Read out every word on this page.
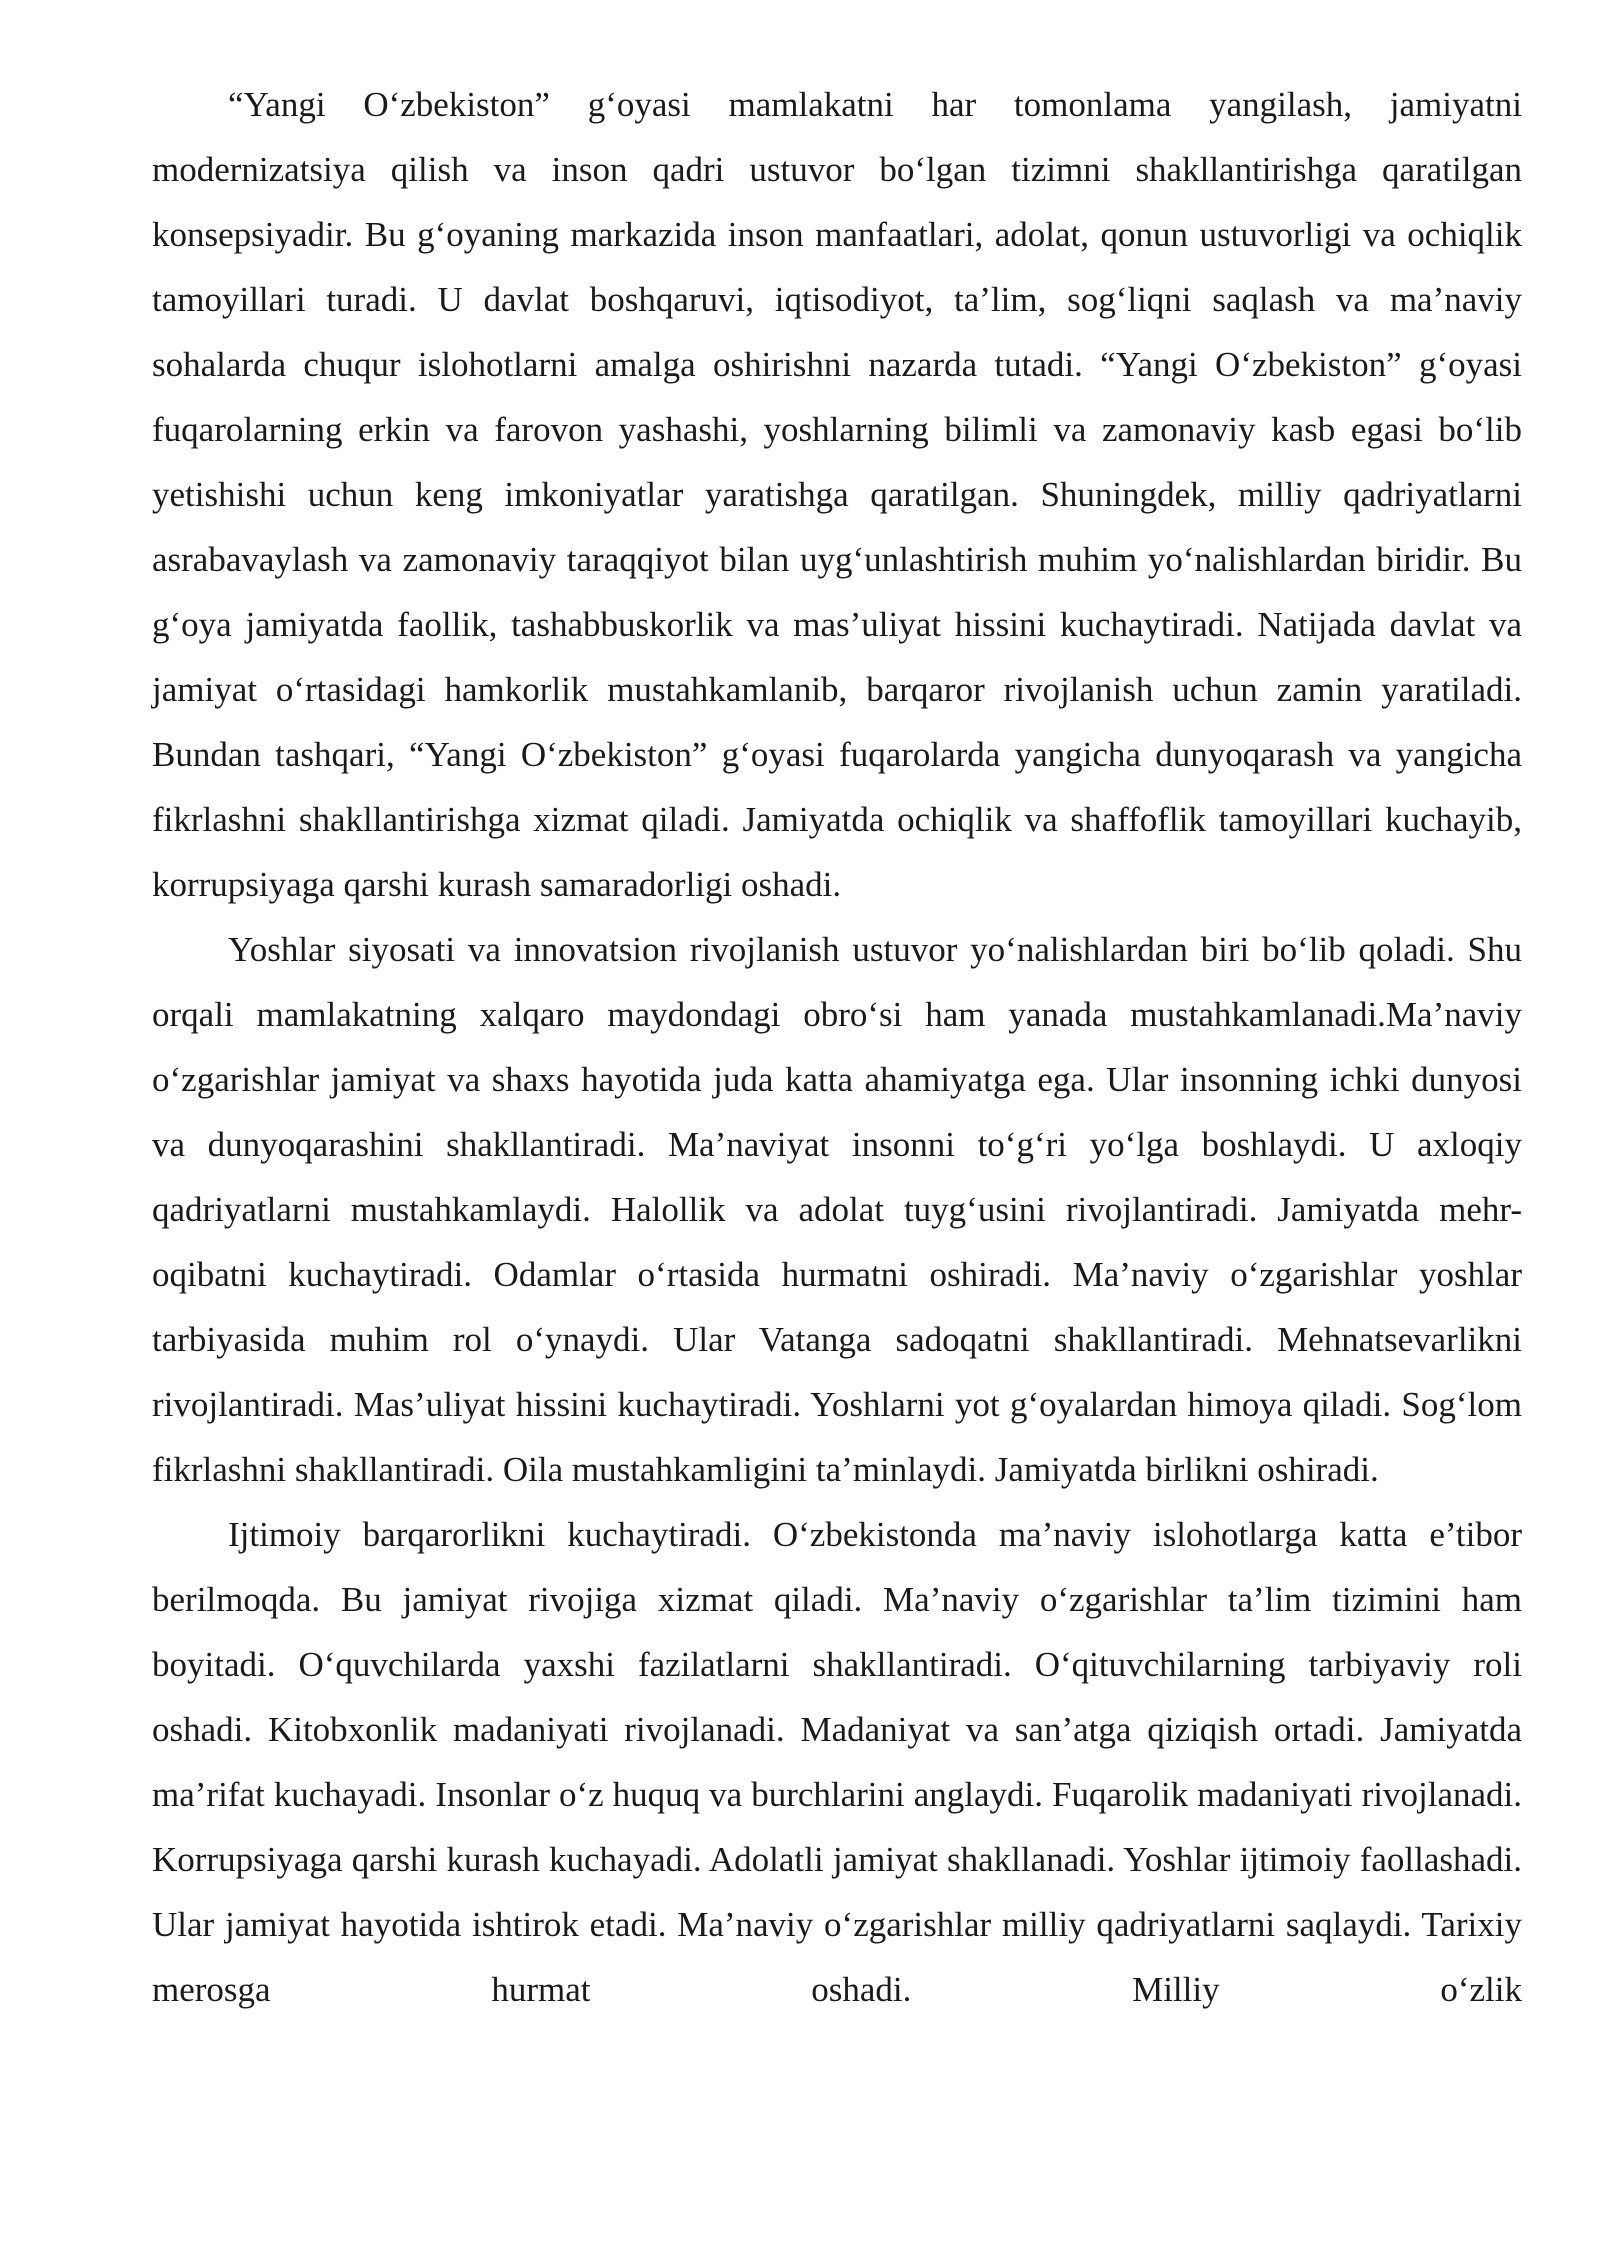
“Yangi O‘zbekiston” g‘oyasi mamlakatni har tomonlama yangilash, jamiyatni modernizatsiya qilish va inson qadri ustuvor bo‘lgan tizimni shakllantirishga qaratilgan konsepsiyadir. Bu g‘oyaning markazida inson manfaatlari, adolat, qonun ustuvorligi va ochiqlik tamoyillari turadi. U davlat boshqaruvi, iqtisodiyot, ta’lim, sog‘liqni saqlash va ma’naviy sohalarda chuqur islohotlarni amalga oshirishni nazarda tutadi. “Yangi O‘zbekiston” g‘oyasi fuqarolarning erkin va farovon yashashi, yoshlarning bilimli va zamonaviy kasb egasi bo‘lib yetishishi uchun keng imkoniyatlar yaratishga qaratilgan. Shuningdek, milliy qadriyatlarni asrabavaylash va zamonaviy taraqqiyot bilan uyg‘unlashtirish muhim yo‘nalishlardan biridir. Bu g‘oya jamiyatda faollik, tashabbuskorlik va mas’uliyat hissini kuchaytiradi. Natijada davlat va jamiyat o‘rtasidagi hamkorlik mustahkamlanib, barqaror rivojlanish uchun zamin yaratiladi. Bundan tashqari, “Yangi O‘zbekiston” g‘oyasi fuqarolarda yangicha dunyoqarash va yangicha fikrlashni shakllantirishga xizmat qiladi. Jamiyatda ochiqlik va shaffoflik tamoyillari kuchayib, korrupsiyaga qarshi kurash samaradorligi oshadi.

Yoshlar siyosati va innovatsion rivojlanish ustuvor yo‘nalishlardan biri bo‘lib qoladi. Shu orqali mamlakatning xalqaro maydondagi obro‘si ham yanada mustahkamlanadi.Ma’naviy o‘zgarishlar jamiyat va shaxs hayotida juda katta ahamiyatga ega. Ular insonning ichki dunyosi va dunyoqarashini shakllantiradi. Ma’naviyat insonni to‘g‘ri yo‘lga boshlaydi. U axloqiy qadriyatlarni mustahkamlaydi. Halollik va adolat tuyg‘usini rivojlantiradi. Jamiyatda mehr-oqibatni kuchaytiradi. Odamlar o‘rtasida hurmatni oshiradi. Ma’naviy o‘zgarishlar yoshlar tarbiyasida muhim rol o‘ynaydi. Ular Vatanga sadoqatni shakllantiradi. Mehnatsevarlikni rivojlantiradi. Mas’uliyat hissini kuchaytiradi. Yoshlarni yot g‘oyalardan himoya qiladi. Sog‘lom fikrlashni shakllantiradi. Oila mustahkamligini ta’minlaydi. Jamiyatda birlikni oshiradi.

Ijtimoiy barqarorlikni kuchaytiradi. O‘zbekistonda ma’naviy islohotlarga katta e’tibor berilmoqda. Bu jamiyat rivojiga xizmat qiladi. Ma’naviy o‘zgarishlar ta’lim tizimini ham boyitadi. O‘quvchilarda yaxshi fazilatlarni shakllantiradi. O‘qituvchilarning tarbiyaviy roli oshadi. Kitobxonlik madaniyati rivojlanadi. Madaniyat va san’atga qiziqish ortadi. Jamiyatda ma’rifat kuchayadi. Insonlar o‘z huquq va burchlarini anglaydi. Fuqarolik madaniyati rivojlanadi. Korrupsiyaga qarshi kurash kuchayadi. Adolatli jamiyat shakllanadi. Yoshlar ijtimoiy faollashadi. Ular jamiyat hayotida ishtirok etadi. Ma’naviy o‘zgarishlar milliy qadriyatlarni saqlaydi. Tarixiy merosga hurmat oshadi. Milliy o‘zlik
